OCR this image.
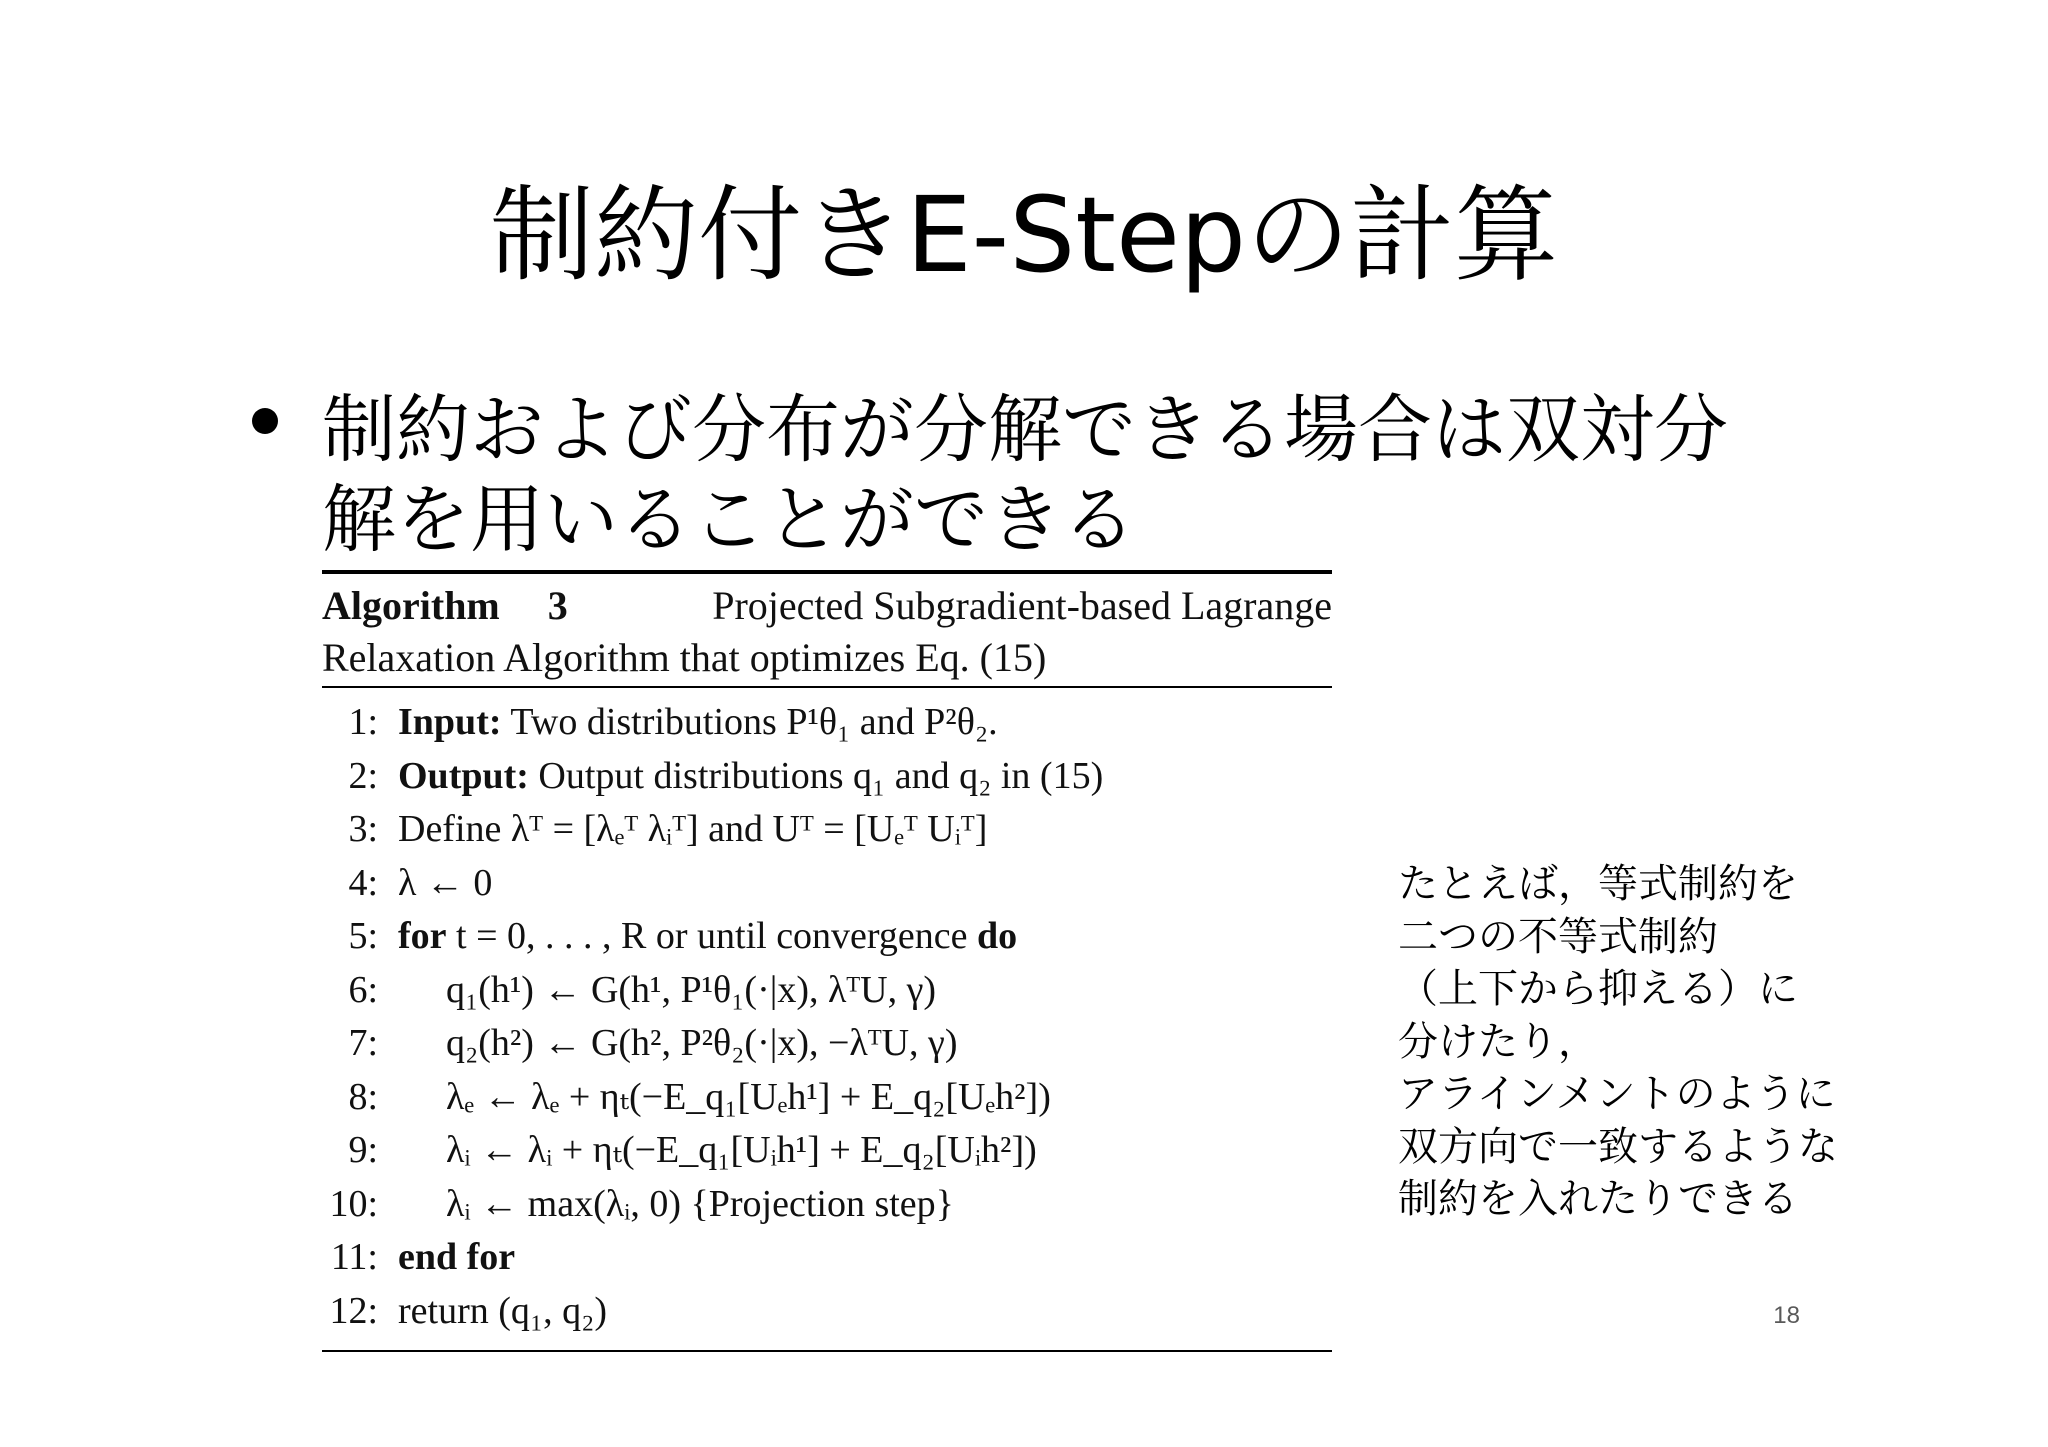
制約付きE-Stepの計算

制約および分布が分解できる場合は双対分
解を用いることができる

Algorithm 3	Projected Subgradient-based Lagrange
Relaxation Algorithm that optimizes Eq. (15)
1: Input: Two distributions P¹θ₁ and P²θ₂.
2: Output: Output distributions q₁ and q₂ in (15)
3: Define λᵀ = [λₑᵀ λᵢᵀ] and Uᵀ = [Uₑᵀ Uᵢᵀ]
4: λ ← 0
5: for t = 0, . . . , R or until convergence do
6: q₁(h¹) ← G(h¹, P¹θ₁(·|x), λᵀU, γ)
7: q₂(h²) ← G(h², P²θ₂(·|x), −λᵀU, γ)
8: λₑ ← λₑ + ηₜ(−E_q₁[Uₑh¹] + E_q₂[Uₑh²])
9: λᵢ ← λᵢ + ηₜ(−E_q₁[Uᵢh¹] + E_q₂[Uᵢh²])
10: λᵢ ← max(λᵢ, 0) {Projection step}
11: end for
12: return (q₁, q₂)
たとえば，等式制約を
二つの不等式制約
（上下から抑える）に
分けたり，
アラインメントのように
双方向で一致するような
制約を入れたりできる
18
